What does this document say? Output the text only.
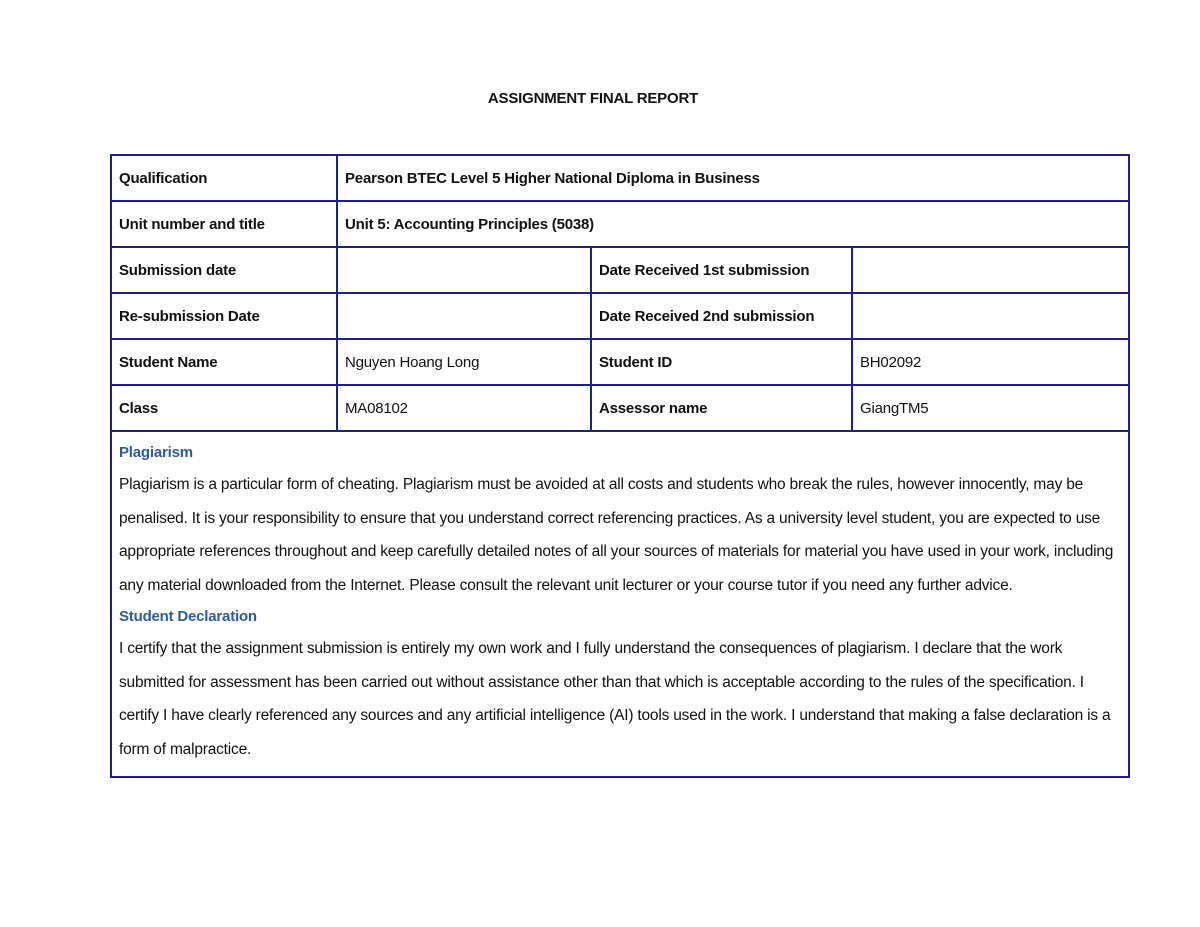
ASSIGNMENT FINAL REPORT
Qualification	Pearson BTEC Level 5 Higher National Diploma in Business		
Unit number and title	Unit 5: Accounting Principles (5038)		
Submission date		Date Received 1st submission	
Re-submission Date		Date Received 2nd submission	
Student Name	Nguyen Hoang Long	Student ID	BH02092
Class	MA08102	Assessor name	GiangTM5

Plagiarism

Plagiarism is a particular form of cheating. Plagiarism must be avoided at all costs and students who break the rules, however innocently, may be penalised. It is your responsibility to ensure that you understand correct referencing practices. As a university level student, you are expected to use appropriate references throughout and keep carefully detailed notes of all your sources of materials for material you have used in your work, including any material downloaded from the Internet. Please consult the relevant unit lecturer or your course tutor if you need any further advice.

Student Declaration

I certify that the assignment submission is entirely my own work and I fully understand the consequences of plagiarism. I declare that the work submitted for assessment has been carried out without assistance other than that which is acceptable according to the rules of the specification. I certify I have clearly referenced any sources and any artificial intelligence (AI) tools used in the work. I understand that making a false declaration is a form of malpractice.			
